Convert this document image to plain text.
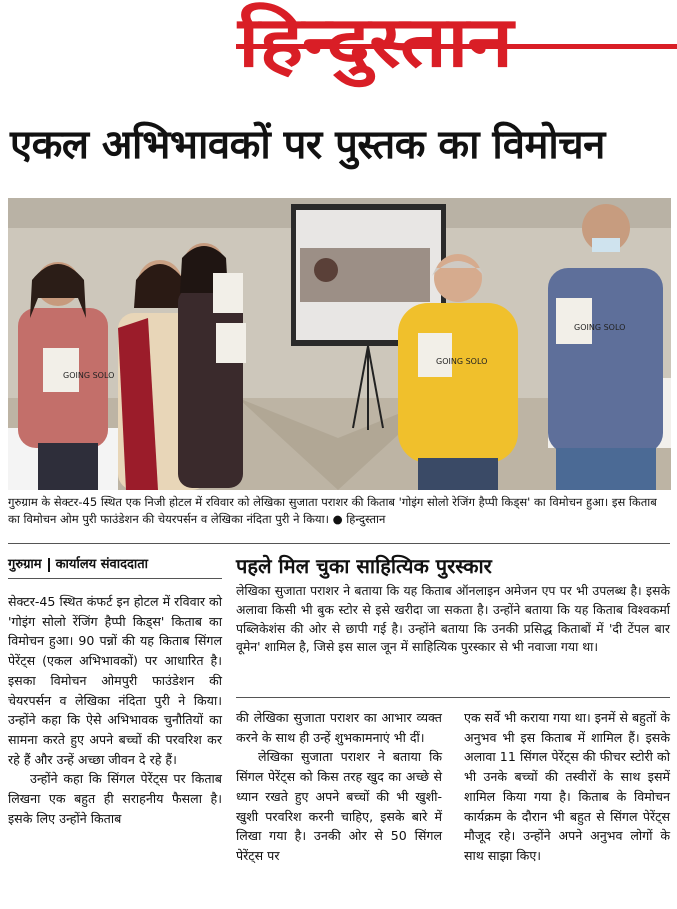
हिन्दुस्तान
एकल अभिभावकों पर पुस्तक का विमोचन
GOING SOLO
GOING SOLO
GOING SOLO
गुरुग्राम के सेक्टर-45 स्थित एक निजी होटल में रविवार को लेखिका सुजाता पराशर की किताब 'गोइंग सोलो रेजिंग हैप्पी किड्स' का विमोचन हुआ। इस किताब का विमोचन ओम पुरी फाउंडेशन की चेयरपर्सन व लेखिका नंदिता पुरी ने किया। ● हिन्दुस्तान
गुरुग्राम कार्यालय संवाददाता

सेक्टर-45 स्थित कंफर्ट इन होटल में रविवार को 'गोइंग सोलो रेंजिंग हैप्पी किड्स' किताब का विमोचन हुआ। 90 पन्नों की यह किताब सिंगल पेरेंट्स (एकल अभिभावकों) पर आधारित है। इसका विमोचन ओमपुरी फाउंडेशन की चेयरपर्सन व लेखिका नंदिता पुरी ने किया। उन्होंने कहा कि ऐसे अभिभावक चुनौतियों का सामना करते हुए अपने बच्चों की परवरिश कर रहे हैं और उन्हें अच्छा जीवन दे रहे हैं।

उन्होंने कहा कि सिंगल पेरेंट्स पर किताब लिखना एक बहुत ही सराहनीय फैसला है। इसके लिए उन्होंने किताब

पहले मिल चुका साहित्यिक पुरस्कार

लेखिका सुजाता पराशर ने बताया कि यह किताब ऑनलाइन अमेजन एप पर भी उपलब्ध है। इसके अलावा किसी भी बुक स्टोर से इसे खरीदा जा सकता है। उन्होंने बताया कि यह किताब विश्वकर्मा पब्लिकेशंस की ओर से छापी गई है। उन्होंने बताया कि उनकी प्रसिद्ध किताबों में 'दी टेंपल बार वूमेन' शामिल है, जिसे इस साल जून में साहित्यिक पुरस्कार से भी नवाजा गया था।

की लेखिका सुजाता पराशर का आभार व्यक्त करने के साथ ही उन्हें शुभकामनाएं भी दीं।

लेखिका सुजाता पराशर ने बताया कि सिंगल पेरेंट्स को किस तरह खुद का अच्छे से ध्यान रखते हुए अपने बच्चों की भी खुशी-खुशी परवरिश करनी चाहिए, इसके बारे में लिखा गया है। उनकी ओर से 50 सिंगल पेरेंट्स पर

एक सर्वे भी कराया गया था। इनमें से बहुतों के अनुभव भी इस किताब में शामिल हैं। इसके अलावा 11 सिंगल पेरेंट्स की फीचर स्टोरी को भी उनके बच्चों की तस्वीरों के साथ इसमें शामिल किया गया है। किताब के विमोचन कार्यक्रम के दौरान भी बहुत से सिंगल पेरेंट्स मौजूद रहे। उन्होंने अपने अनुभव लोगों के साथ साझा किए।
